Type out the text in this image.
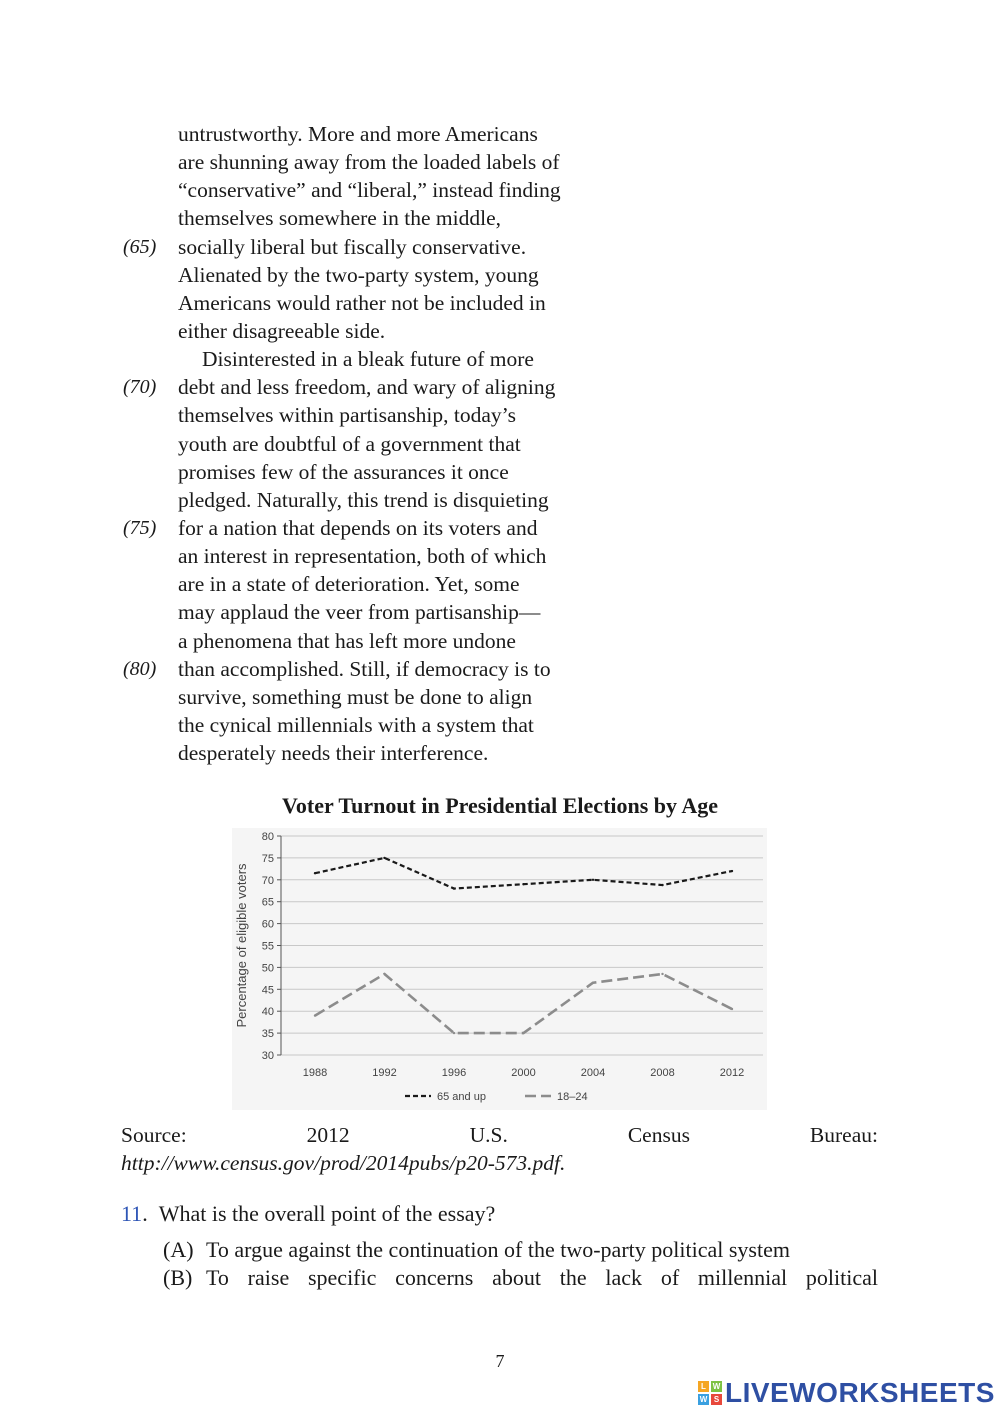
untrustworthy. More and more Americans
are shunning away from the loaded labels of
“conservative” and “liberal,” instead finding
themselves somewhere in the middle,
(65) socially liberal but fiscally conservative.
Alienated by the two-party system, young
Americans would rather not be included in
either disagreeable side.
Disinterested in a bleak future of more
(70) debt and less freedom, and wary of aligning
themselves within partisanship, today’s
youth are doubtful of a government that
promises few of the assurances it once
pledged. Naturally, this trend is disquieting
(75) for a nation that depends on its voters and
an interest in representation, both of which
are in a state of deterioration. Yet, some
may applaud the veer from partisanship—
a phenomena that has left more undone
(80) than accomplished. Still, if democracy is to
survive, something must be done to align
the cynical millennials with a system that
desperately needs their interference.
Voter Turnout in Presidential Elections by Age
30
35
40
45
50
55
60
65
70
75
80
1988	1992	1996	2000	2004	2008	2012
Percentage of eligible voters
65 and up	18–24
Source:	2012	U.S.	Census	Bureau:
http://www.census.gov/prod/2014pubs/p20-573.pdf.
11.  What is the overall point of the essay?
(A) To argue against the continuation of the two-party political system
(B) To raise specific concerns about the lack of millennial political
7
L W
W S LIVEWORKSHEETS
